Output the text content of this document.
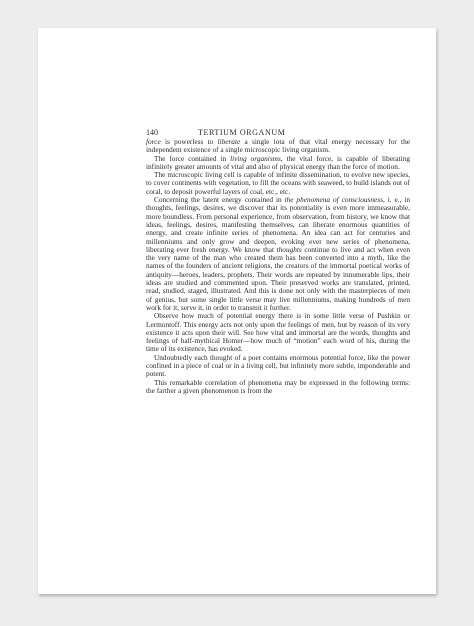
140	TERTIUM ORGANUM

force is powerless to liberate a single iota of that vital energy necessary for the independent existence of a single microscopic living organism.

The force contained in living organisms, the vital force, is capable of liberating infinitely greater amounts of vital and also of physical energy than the force of motion.

The microscopic living cell is capable of infinite dissemination, to evolve new species, to cover continents with vegetation, to fill the oceans with seaweed, to build islands out of coral, to deposit powerful layers of coal, etc., etc.

Concerning the latent energy contained in the phenomena of consciousness, i. e., in thoughts, feelings, desires, we discover that its potentiality is even more immeasurable, more boundless. From personal experience, from observation, from history, we know that ideas, feelings, desires, manifesting themselves, can liberate enormous quantities of energy, and create infinite series of phenomena. An idea can act for centuries and millenniums and only grow and deepen, evoking ever new series of phenomena, liberating ever fresh energy. We know that thoughts continue to live and act when even the very name of the man who created them has been converted into a myth, like the names of the founders of ancient religions, the creators of the immortal poetical works of antiquity—heroes, leaders, prophets. Their words are repeated by innumerable lips, their ideas are studied and commented upon. Their preserved works are translated, printed, read, studied, staged, illustrated. And this is done not only with the masterpieces of men of genius, but some single little verse may live millenniums, making hundreds of men work for it, serve it, in order to transmit it further.

Observe how much of potential energy there is in some little verse of Pushkin or Lermontoff. This energy acts not only upon the feelings of men, but by reason of its very existence it acts upon their will. See how vital and immortal are the words, thoughts and feelings of half-mythical Homer—how much of “motion” each word of his, during the time of its existence, has evoked.

Undoubtedly each thought of a poet contains enormous potential force, like the power confined in a piece of coal or in a living cell, but infinitely more subtle, imponderable and potent.

This remarkable correlation of phenomena may be expressed in the following terms: the farther a given phenomenon is from the
